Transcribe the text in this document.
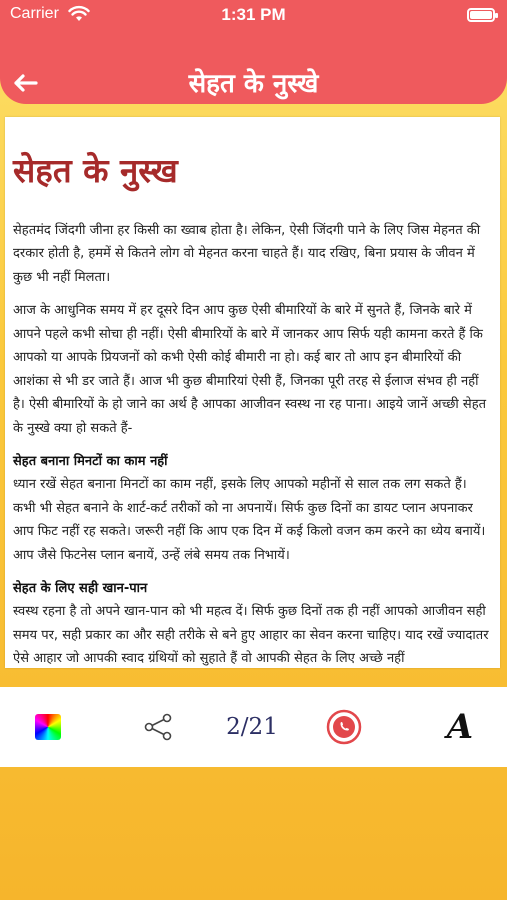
Carrier	1:31 PM
सेहत के नुस्खे
सेहत के नुस्ख

सेहतमंद जिंदगी जीना हर किसी का ख्वाब होता है। लेकिन, ऐसी जिंदगी पाने के लिए जिस मेहनत की दरकार होती है, हममें से कितने लोग वो मेहनत करना चाहते हैं। याद रखिए, बिना प्रयास के जीवन में कुछ भी नहीं मिलता।

आज के आधुनिक समय में हर दूसरे दिन आप कुछ ऐसी बीमारियों के बारे में सुनते हैं, जिनके बारे में आपने पहले कभी सोचा ही नहीं। ऐसी बीमारियों के बारे में जानकर आप सिर्फ यही कामना करते हैं कि आपको या आपके प्रियजनों को कभी ऐसी कोई बीमारी ना हो। कई बार तो आप इन बीमारियों की आशंका से भी डर जाते हैं। आज भी कुछ बीमारियां ऐसी हैं, जिनका पूरी तरह से ईलाज संभव ही नहीं है। ऐसी बीमारियों के हो जाने का अर्थ है आपका आजीवन स्वस्थ ना रह पाना। आइये जानें अच्छी सेहत के नुस्खे क्या हो सकते हैं-

सेहत बनाना मिनटों का काम नहीं

ध्यान रखें सेहत बनाना मिनटों का काम नहीं, इसके लिए आपको महीनों से साल तक लग सकते हैं। कभी भी सेहत बनाने के शार्ट-कर्ट तरीकों को ना अपनायें। सिर्फ कुछ दिनों का डायट प्लान अपनाकर आप फिट नहीं रह सकते। जरूरी नहीं कि आप एक दिन में कई किलो वजन कम करने का ध्येय बनायें। आप जैसे फिटनेस प्लान बनायें, उन्हें लंबे समय तक निभायें।

सेहत के लिए सही खान-पान

स्वस्थ रहना है तो अपने खान-पान को भी महत्व दें। सिर्फ कुछ दिनों तक ही नहीं आपको आजीवन सही समय पर, सही प्रकार का और सही तरीके से बने हुए आहार का सेवन करना चाहिए। याद रखें ज्यादातर ऐसे आहार जो आपकी स्वाद ग्रंथियों को सुहाते हैं वो आपकी सेहत के लिए अच्छे नहीं

2/21	A
